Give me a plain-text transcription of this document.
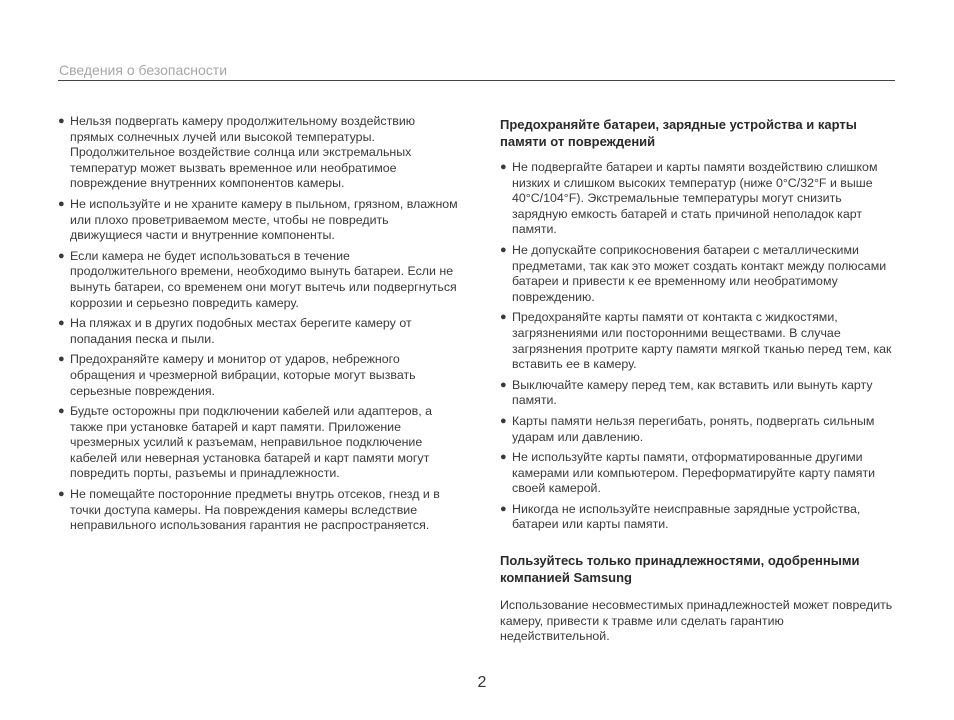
Сведения о безопасности
● Нельзя подвергать камеру продолжительному воздействию прямых солнечных лучей или высокой температуры. Продолжительное воздействие солнца или экстремальных температур может вызвать временное или необратимое повреждение внутренних компонентов камеры.
● Не используйте и не храните камеру в пыльном, грязном, влажном или плохо проветриваемом месте, чтобы не повредить движущиеся части и внутренние компоненты.
● Если камера не будет использоваться в течение продолжительного времени, необходимо вынуть батареи. Если не вынуть батареи, со временем они могут вытечь или подвергнуться коррозии и серьезно повредить камеру.
● На пляжах и в других подобных местах берегите камеру от попадания песка и пыли.
● Предохраняйте камеру и монитор от ударов, небрежного обращения и чрезмерной вибрации, которые могут вызвать серьезные повреждения.
● Будьте осторожны при подключении кабелей или адаптеров, а также при установке батарей и карт памяти. Приложение чрезмерных усилий к разъемам, неправильное подключение кабелей или неверная установка батарей и карт памяти могут повредить порты, разъемы и принадлежности.
● Не помещайте посторонние предметы внутрь отсеков, гнезд и в точки доступа камеры. На повреждения камеры вследствие неправильного использования гарантия не распространяется.
Предохраняйте батареи, зарядные устройства и карты памяти от повреждений
● Не подвергайте батареи и карты памяти воздействию слишком низких и слишком высоких температур (ниже 0°C/32°F и выше 40°C/104°F). Экстремальные температуры могут снизить зарядную емкость батарей и стать причиной неполадок карт памяти.
● Не допускайте соприкосновения батареи с металлическими предметами, так как это может создать контакт между полюсами батареи и привести к ее временному или необратимому повреждению.
● Предохраняйте карты памяти от контакта с жидкостями, загрязнениями или посторонними веществами. В случае загрязнения протрите карту памяти мягкой тканью перед тем, как вставить ее в камеру.
● Выключайте камеру перед тем, как вставить или вынуть карту памяти.
● Карты памяти нельзя перегибать, ронять, подвергать сильным ударам или давлению.
● Не используйте карты памяти, отформатированные другими камерами или компьютером. Переформатируйте карту памяти своей камерой.
● Никогда не используйте неисправные зарядные устройства, батареи или карты памяти.
Пользуйтесь только принадлежностями, одобренными компанией Samsung

Использование несовместимых принадлежностей может повредить камеру, привести к травме или сделать гарантию недействительной.

2
